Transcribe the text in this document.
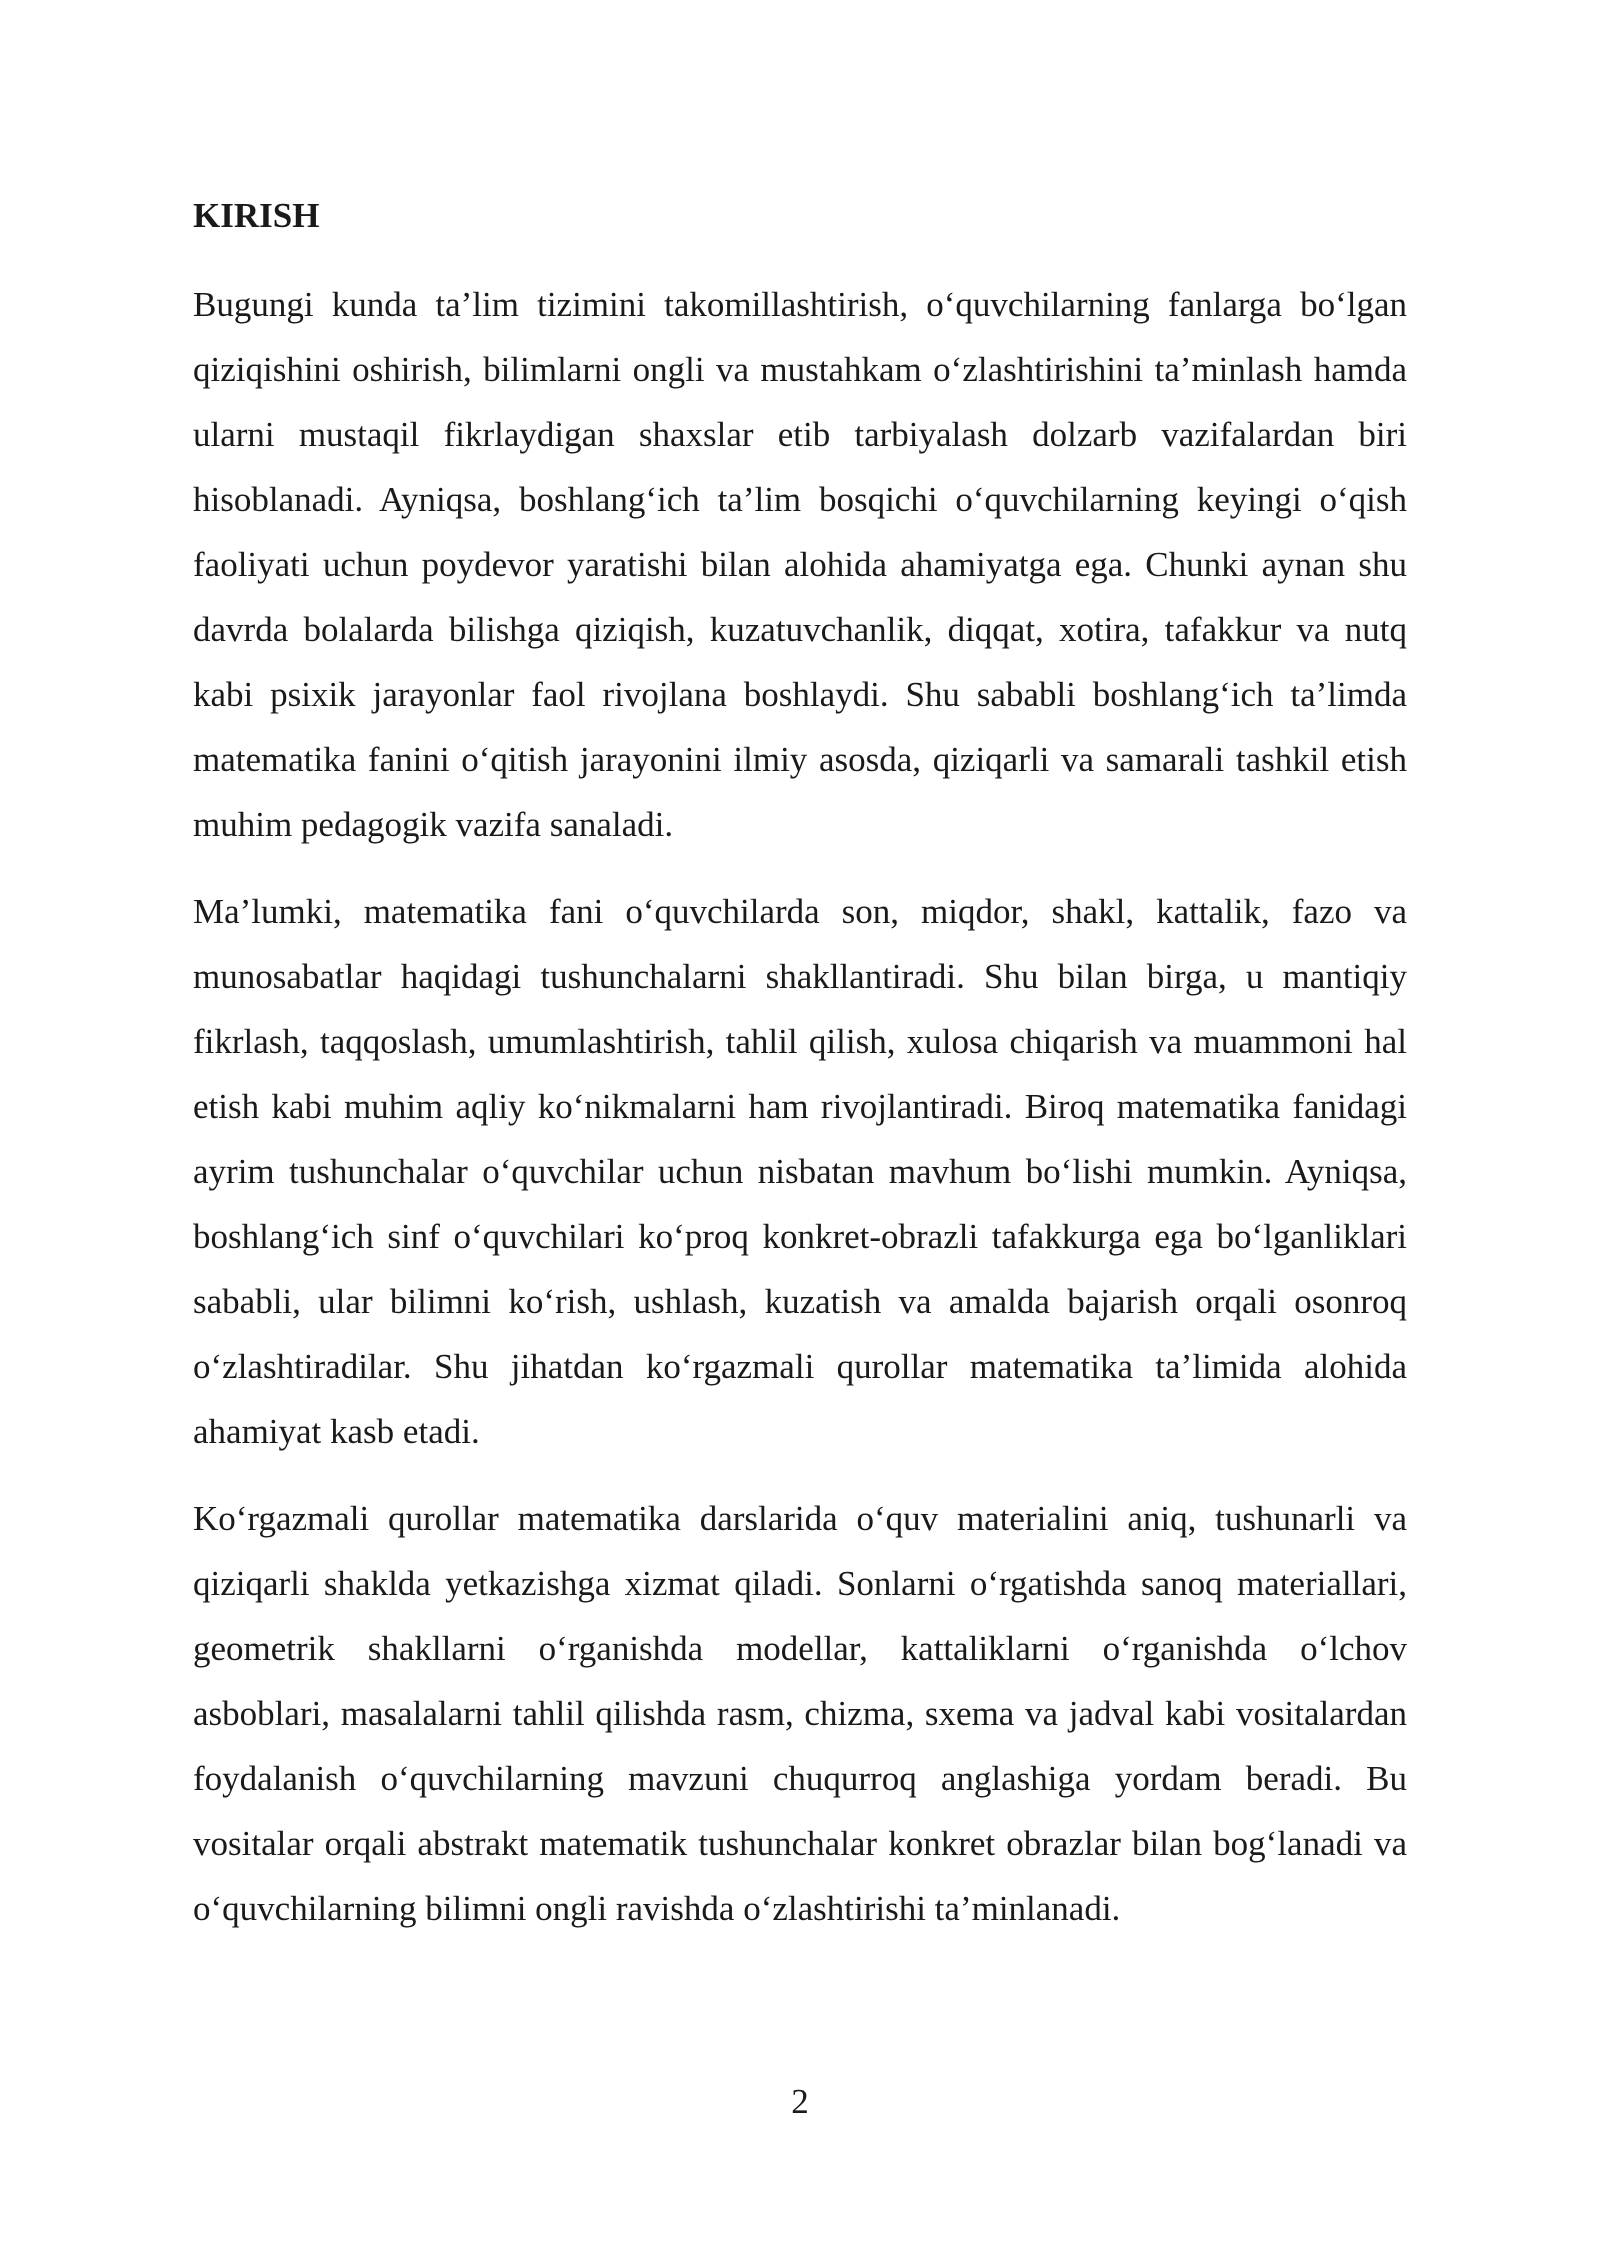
KIRISH

Bugungi kunda ta’lim tizimini takomillashtirish, o‘quvchilarning fanlarga bo‘lgan qiziqishini oshirish, bilimlarni ongli va mustahkam o‘zlashtirishini ta’minlash hamda ularni mustaqil fikrlaydigan shaxslar etib tarbiyalash dolzarb vazifalardan biri hisoblanadi. Ayniqsa, boshlang‘ich ta’lim bosqichi o‘quvchilarning keyingi o‘qish faoliyati uchun poydevor yaratishi bilan alohida ahamiyatga ega. Chunki aynan shu davrda bolalarda bilishga qiziqish, kuzatuvchanlik, diqqat, xotira, tafakkur va nutq kabi psixik jarayonlar faol rivojlana boshlaydi. Shu sababli boshlang‘ich ta’limda matematika fanini o‘qitish jarayonini ilmiy asosda, qiziqarli va samarali tashkil etish muhim pedagogik vazifa sanaladi.

Ma’lumki, matematika fani o‘quvchilarda son, miqdor, shakl, kattalik, fazo va munosabatlar haqidagi tushunchalarni shakllantiradi. Shu bilan birga, u mantiqiy fikrlash, taqqoslash, umumlashtirish, tahlil qilish, xulosa chiqarish va muammoni hal etish kabi muhim aqliy ko‘nikmalarni ham rivojlantiradi. Biroq matematika fanidagi ayrim tushunchalar o‘quvchilar uchun nisbatan mavhum bo‘lishi mumkin. Ayniqsa, boshlang‘ich sinf o‘quvchilari ko‘proq konkret-obrazli tafakkurga ega bo‘lganliklari sababli, ular bilimni ko‘rish, ushlash, kuzatish va amalda bajarish orqali osonroq o‘zlashtiradilar. Shu jihatdan ko‘rgazmali qurollar matematika ta’limida alohida ahamiyat kasb etadi.

Ko‘rgazmali qurollar matematika darslarida o‘quv materialini aniq, tushunarli va qiziqarli shaklda yetkazishga xizmat qiladi. Sonlarni o‘rgatishda sanoq materiallari, geometrik shakllarni o‘rganishda modellar, kattaliklarni o‘rganishda o‘lchov asboblari, masalalarni tahlil qilishda rasm, chizma, sxema va jadval kabi vositalardan foydalanish o‘quvchilarning mavzuni chuqurroq anglashiga yordam beradi. Bu vositalar orqali abstrakt matematik tushunchalar konkret obrazlar bilan bog‘lanadi va o‘quvchilarning bilimni ongli ravishda o‘zlashtirishi ta’minlanadi.

2
